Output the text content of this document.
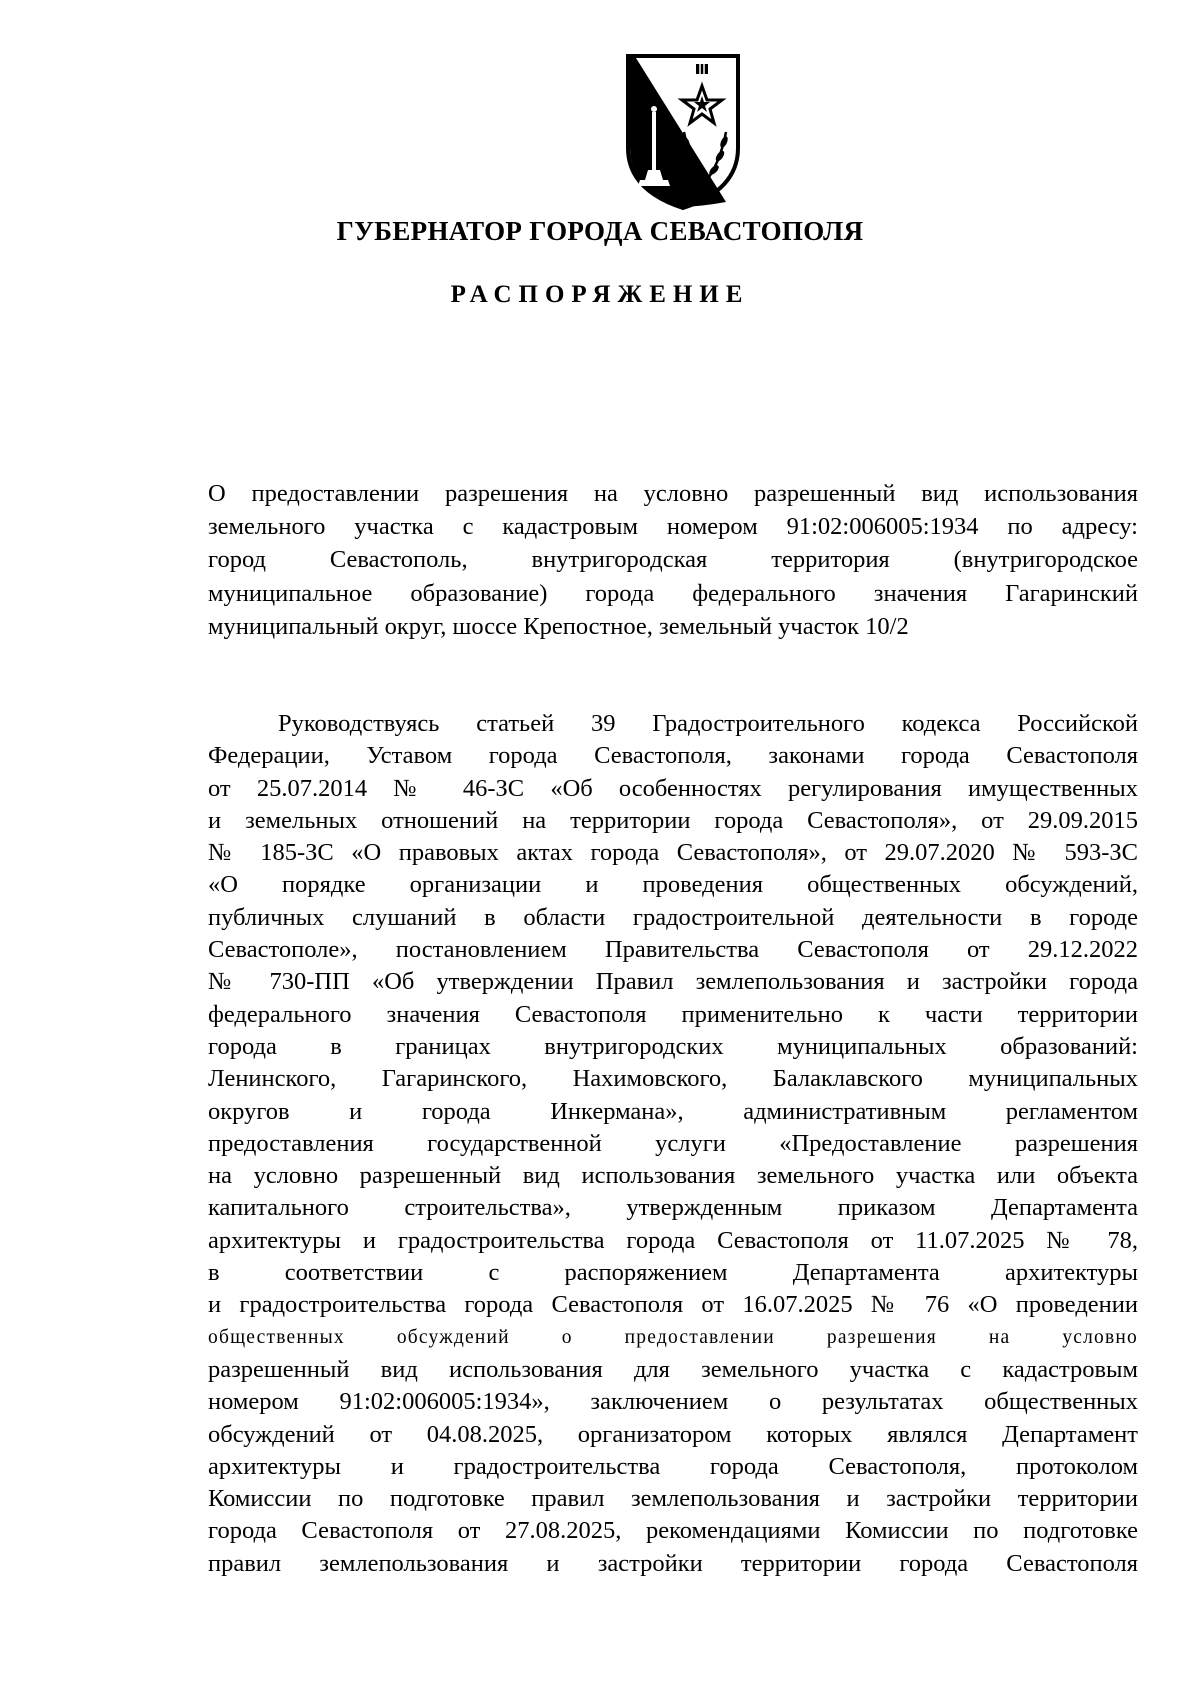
ГУБЕРНАТОР ГОРОДА СЕВАСТОПОЛЯ
РАСПОРЯЖЕНИЕ
О предоставлении разрешения на условно разрешенный вид использования
земельного участка с кадастровым номером 91:02:006005:1934 по адресу:
город Севастополь, внутригородская территория (внутригородское
муниципальное образование) города федерального значения Гагаринский
муниципальный округ, шоссе Крепостное, земельный участок 10/2
Руководствуясь статьей 39 Градостроительного кодекса Российской
Федерации, Уставом города Севастополя, законами города Севастополя
от 25.07.2014 № 46-ЗС «Об особенностях регулирования имущественных
и земельных отношений на территории города Севастополя», от 29.09.2015
№ 185-ЗС «О правовых актах города Севастополя», от 29.07.2020 № 593-ЗС
«О порядке организации и проведения общественных обсуждений,
публичных слушаний в области градостроительной деятельности в городе
Севастополе», постановлением Правительства Севастополя от 29.12.2022
№ 730-ПП «Об утверждении Правил землепользования и застройки города
федерального значения Севастополя применительно к части территории
города в границах внутригородских муниципальных образований:
Ленинского, Гагаринского, Нахимовского, Балаклавского муниципальных
округов и города Инкермана», административным регламентом
предоставления государственной услуги «Предоставление разрешения
на условно разрешенный вид использования земельного участка или объекта
капитального строительства», утвержденным приказом Департамента
архитектуры и градостроительства города Севастополя от 11.07.2025 № 78,
в соответствии с распоряжением Департамента архитектуры
и градостроительства города Севастополя от 16.07.2025 № 76 «О проведении
общественных обсуждений о предоставлении разрешения на условно
разрешенный вид использования для земельного участка с кадастровым
номером 91:02:006005:1934», заключением о результатах общественных
обсуждений от 04.08.2025, организатором которых являлся Департамент
архитектуры и градостроительства города Севастополя, протоколом
Комиссии по подготовке правил землепользования и застройки территории
города Севастополя от 27.08.2025, рекомендациями Комиссии по подготовке
правил землепользования и застройки территории города Севастополя
